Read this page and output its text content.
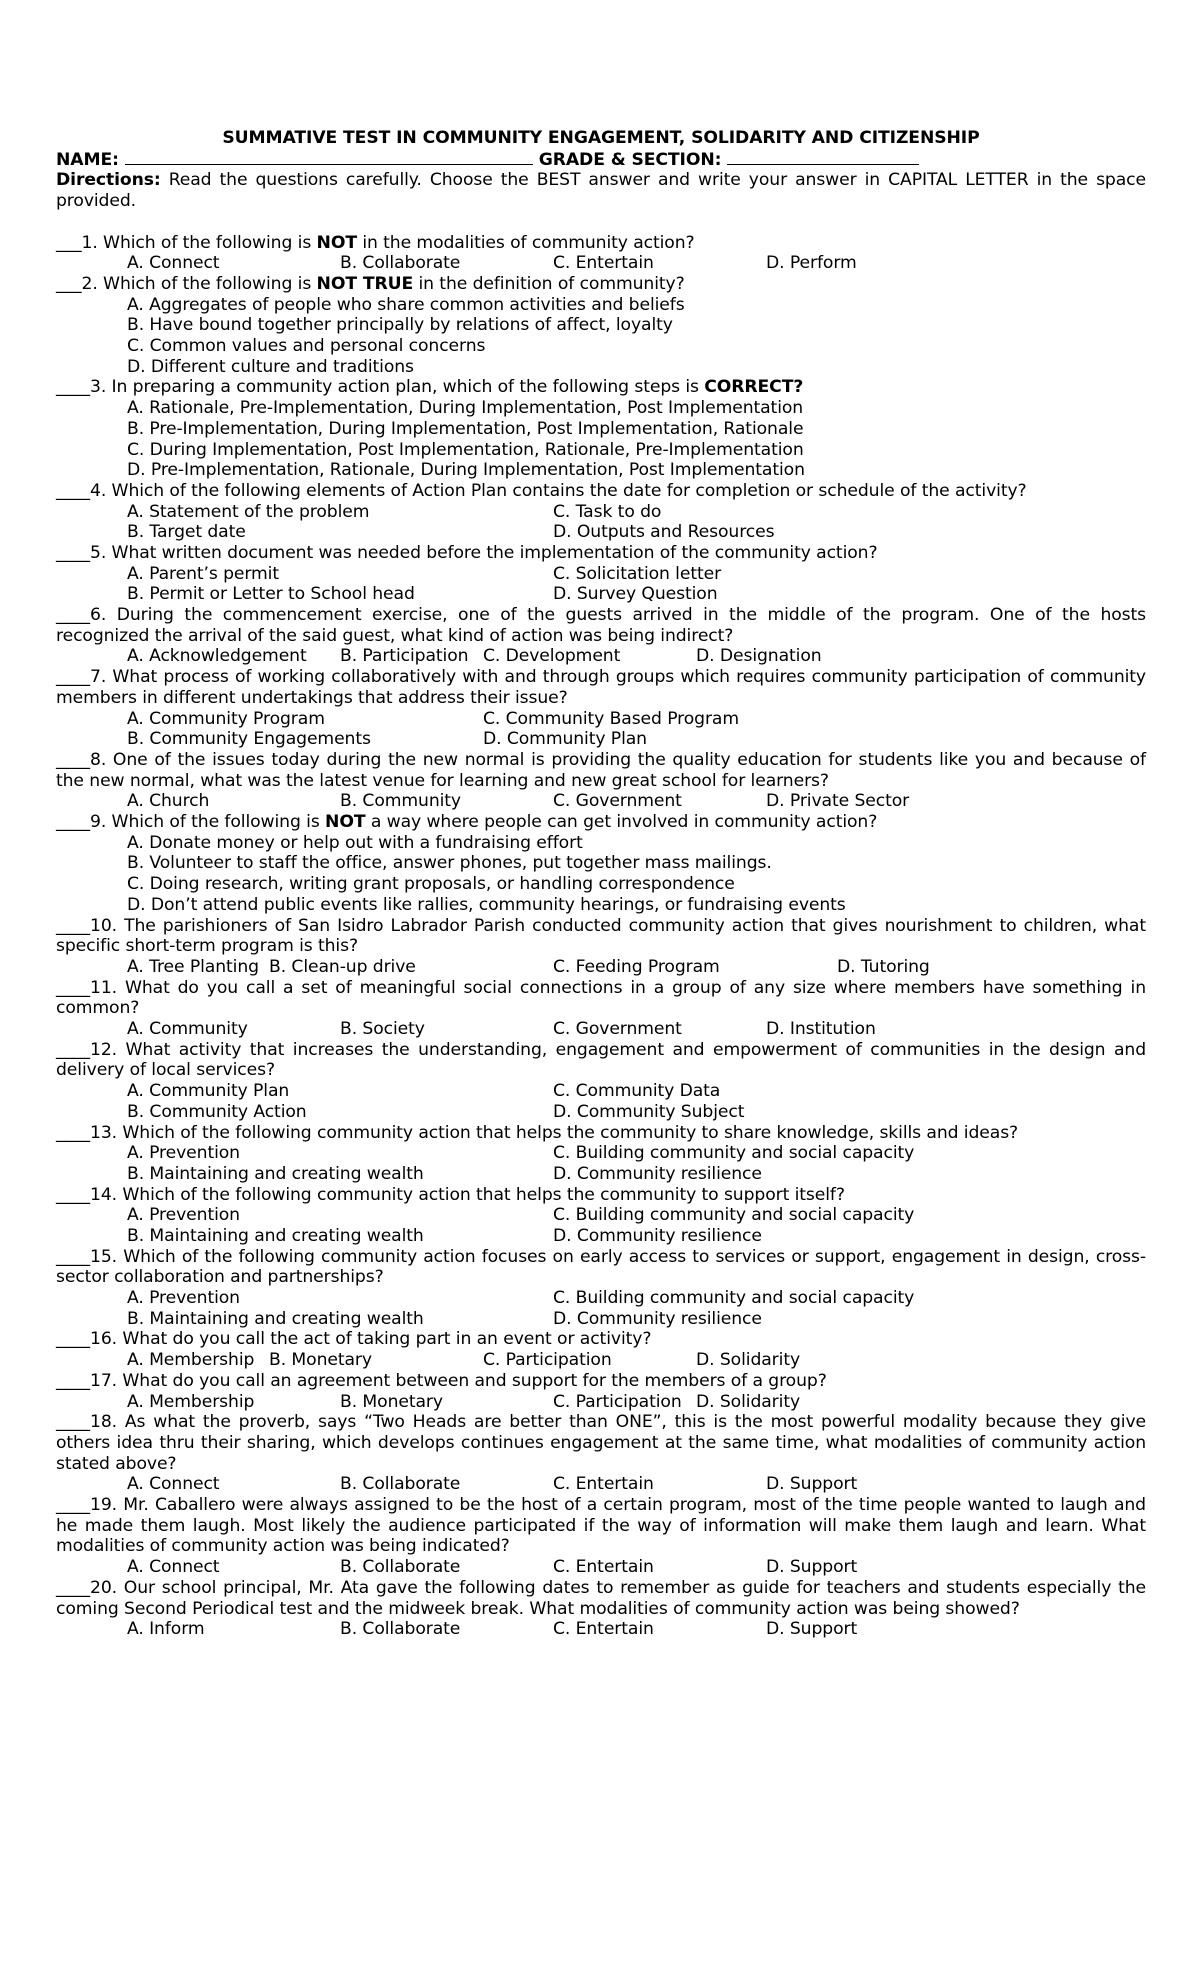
SUMMATIVE TEST IN COMMUNITY ENGAGEMENT, SOLIDARITY AND CITIZENSHIP
NAME:	GRADE & SECTION:
Directions: Read the questions carefully. Choose the BEST answer and write your answer in CAPITAL LETTER in the space provided.
___1. Which of the following is NOT in the modalities of community action?
A. Connect	B. Collaborate	C. Entertain	D. Perform
___2. Which of the following is NOT TRUE in the definition of community?
A. Aggregates of people who share common activities and beliefs
B. Have bound together principally by relations of affect, loyalty
C. Common values and personal concerns
D. Different culture and traditions
____3. In preparing a community action plan, which of the following steps is CORRECT?
A. Rationale, Pre-Implementation, During Implementation, Post Implementation
B. Pre-Implementation, During Implementation, Post Implementation, Rationale
C. During Implementation, Post Implementation, Rationale, Pre-Implementation
D. Pre-Implementation, Rationale, During Implementation, Post Implementation
____4. Which of the following elements of Action Plan contains the date for completion or schedule of the activity?
A. Statement of the problem	C. Task to do
B. Target date	D. Outputs and Resources
____5. What written document was needed before the implementation of the community action?
A. Parent’s permit	C. Solicitation letter
B. Permit or Letter to School head	D. Survey Question
____6. During the commencement exercise, one of the guests arrived in the middle of the program. One of the hosts recognized the arrival of the said guest, what kind of action was being indirect?
A. Acknowledgement B. Participation C. Development	D. Designation
____7. What process of working collaboratively with and through groups which requires community participation of community members in different undertakings that address their issue?
A. Community Program	C. Community Based Program
B. Community Engagements	D. Community Plan
____8. One of the issues today during the new normal is providing the quality education for students like you and because of the new normal, what was the latest venue for learning and new great school for learners?
A. Church	B. Community	C. Government	D. Private Sector
____9. Which of the following is NOT a way where people can get involved in community action?
A. Donate money or help out with a fundraising effort
B. Volunteer to staff the office, answer phones, put together mass mailings.
C. Doing research, writing grant proposals, or handling correspondence
D. Don’t attend public events like rallies, community hearings, or fundraising events
____10. The parishioners of San Isidro Labrador Parish conducted community action that gives nourishment to children, what specific short-term program is this?
A. Tree Planting B. Clean-up drive	C. Feeding Program	D. Tutoring
____11. What do you call a set of meaningful social connections in a group of any size where members have something in common?
A. Community	B. Society	C. Government	D. Institution
____12. What activity that increases the understanding, engagement and empowerment of communities in the design and delivery of local services?
A. Community Plan	C. Community Data
B. Community Action	D. Community Subject
____13. Which of the following community action that helps the community to share knowledge, skills and ideas?
A. Prevention	C. Building community and social capacity
B. Maintaining and creating wealth	D. Community resilience
____14. Which of the following community action that helps the community to support itself?
A. Prevention	C. Building community and social capacity
B. Maintaining and creating wealth	D. Community resilience
____15. Which of the following community action focuses on early access to services or support, engagement in design, cross-sector collaboration and partnerships?
A. Prevention	C. Building community and social capacity
B. Maintaining and creating wealth	D. Community resilience
____16. What do you call the act of taking part in an event or activity?
A. Membership B. Monetary	C. Participation	D. Solidarity
____17. What do you call an agreement between and support for the members of a group?
A. Membership	B. Monetary	C. Participation D. Solidarity
____18. As what the proverb, says “Two Heads are better than ONE”, this is the most powerful modality because they give others idea thru their sharing, which develops continues engagement at the same time, what modalities of community action stated above?
A. Connect	B. Collaborate	C. Entertain	D. Support
____19. Mr. Caballero were always assigned to be the host of a certain program, most of the time people wanted to laugh and he made them laugh. Most likely the audience participated if the way of information will make them laugh and learn. What modalities of community action was being indicated?
A. Connect	B. Collaborate	C. Entertain	D. Support
____20. Our school principal, Mr. Ata gave the following dates to remember as guide for teachers and students especially the coming Second Periodical test and the midweek break. What modalities of community action was being showed?
A. Inform	B. Collaborate	C. Entertain	D. Support
